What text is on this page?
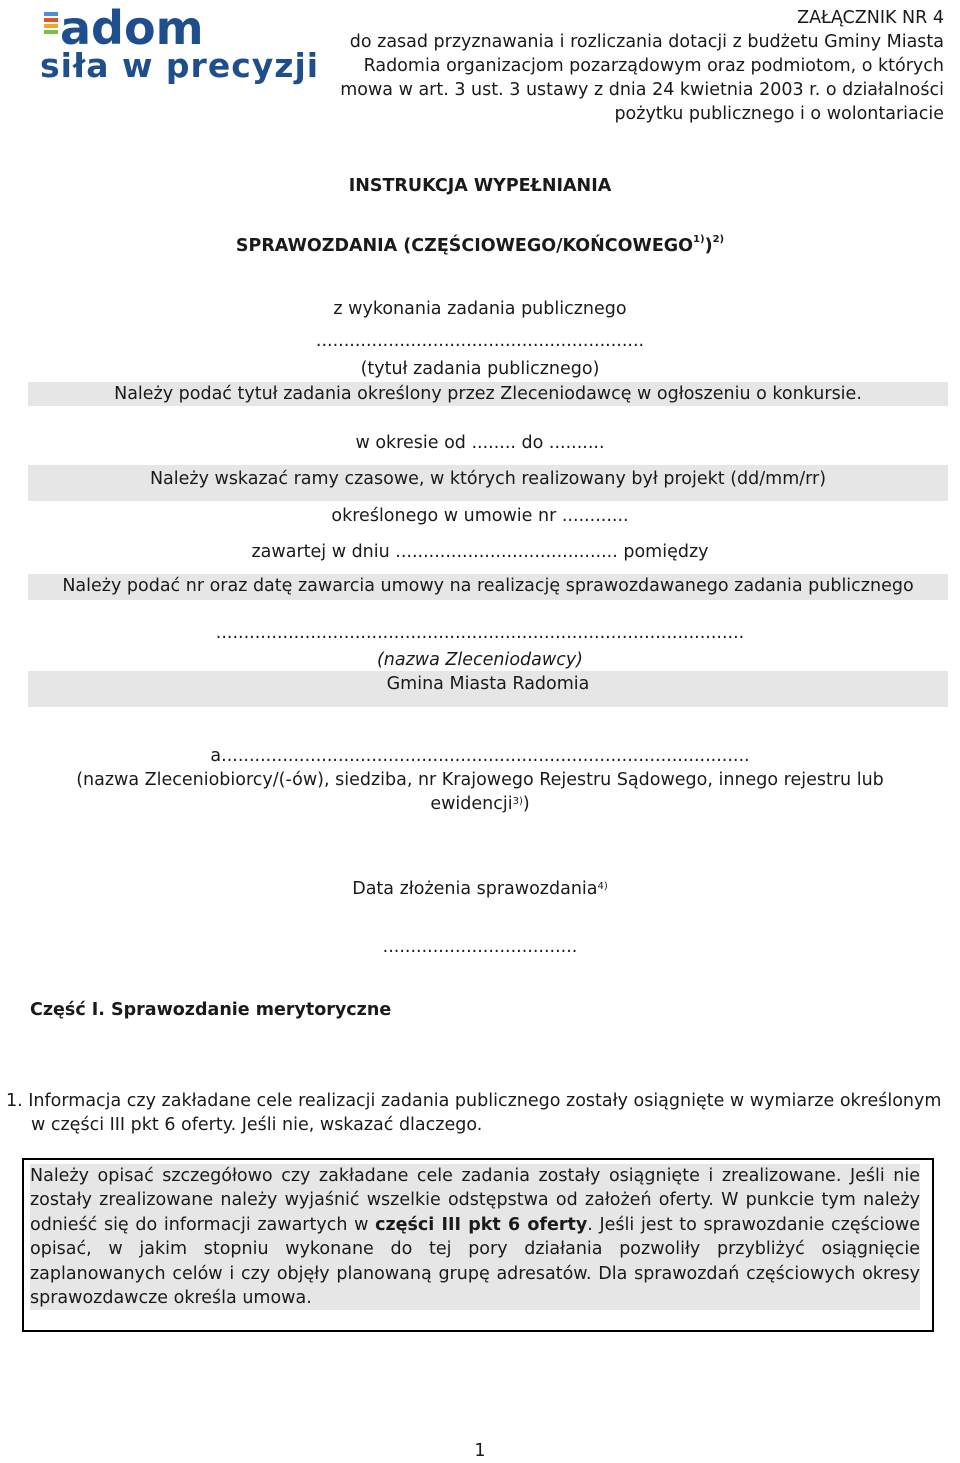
adom
siła w precyzji
ZAŁĄCZNIK NR 4
do zasad przyznawania i rozliczania dotacji z budżetu Gminy Miasta
Radomia organizacjom pozarządowym oraz podmiotom, o których
mowa w art. 3 ust. 3 ustawy z dnia 24 kwietnia 2003 r. o działalności
pożytku publicznego i o wolontariacie
INSTRUKCJA WYPEŁNIANIA
SPRAWOZDANIA (CZĘŚCIOWEGO/KOŃCOWEGO$^{1)}$)$^{2)}$
z wykonania zadania publicznego
...........................................................
(tytuł zadania publicznego)
Należy podać tytuł zadania określony przez Zleceniodawcę w ogłoszeniu o konkursie.
w okresie od ........ do ..........
Należy wskazać ramy czasowe, w których realizowany był projekt (dd/mm/rr)
określonego w umowie nr ............
zawartej w dniu ........................................ pomiędzy
Należy podać nr oraz datę zawarcia umowy na realizację sprawozdawanego zadania publicznego
...............................................................................................
(nazwa Zleceniodawcy)
Gmina Miasta Radomia
a...............................................................................................
(nazwa Zleceniobiorcy/(-ów), siedziba, nr Krajowego Rejestru Sądowego, innego rejestru lub
ewidencji$^{3)}$)
Data złożenia sprawozdania$^{4)}$
...................................
Część I. Sprawozdanie merytoryczne
1. Informacja czy zakładane cele realizacji zadania publicznego zostały osiągnięte w wymiarze określonym
w części III pkt 6 oferty. Jeśli nie, wskazać dlaczego.
Należy opisać szczegółowo czy zakładane cele zadania zostały osiągnięte i zrealizowane. Jeśli nie zostały zrealizowane należy wyjaśnić wszelkie odstępstwa od założeń oferty. W punkcie tym należy odnieść się do informacji zawartych w części III pkt 6 oferty. Jeśli jest to sprawozdanie częściowe opisać, w jakim stopniu wykonane do tej pory działania pozwoliły przybliżyć osiągnięcie zaplanowanych celów i czy objęły planowaną grupę adresatów. Dla sprawozdań częściowych okresy sprawozdawcze określa umowa.
1
